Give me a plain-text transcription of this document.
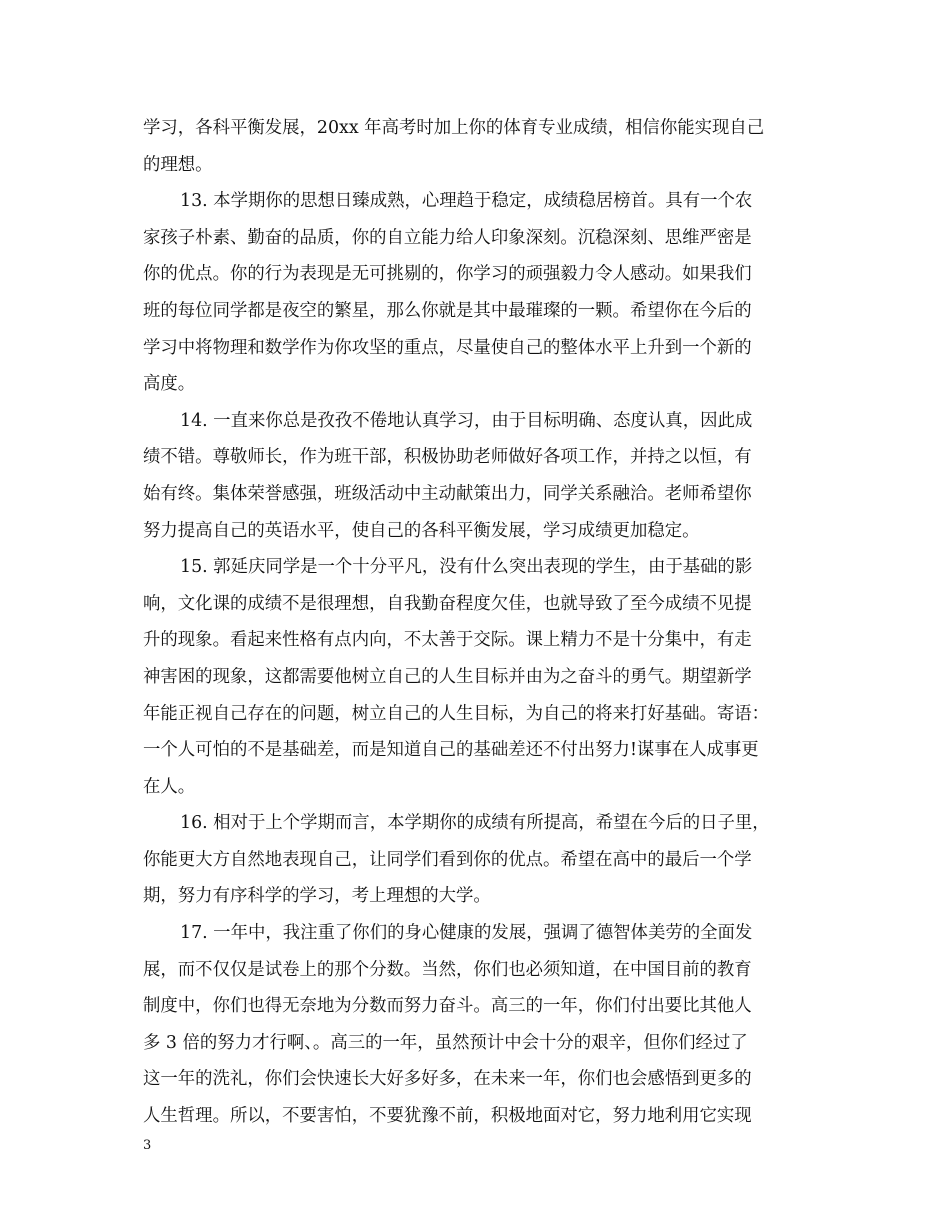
学习，各科平衡发展，20xx 年高考时加上你的体育专业成绩，相信你能实现自己
的理想。
13. 本学期你的思想日臻成熟，心理趋于稳定，成绩稳居榜首。具有一个农
家孩子朴素、勤奋的品质，你的自立能力给人印象深刻。沉稳深刻、思维严密是
你的优点。你的行为表现是无可挑剔的，你学习的顽强毅力令人感动。如果我们
班的每位同学都是夜空的繁星，那么你就是其中最璀璨的一颗。希望你在今后的
学习中将物理和数学作为你攻坚的重点，尽量使自己的整体水平上升到一个新的
高度。
14. 一直来你总是孜孜不倦地认真学习，由于目标明确、态度认真，因此成
绩不错。尊敬师长，作为班干部，积极协助老师做好各项工作，并持之以恒，有
始有终。集体荣誉感强，班级活动中主动献策出力，同学关系融洽。老师希望你
努力提高自己的英语水平，使自己的各科平衡发展，学习成绩更加稳定。
15. 郭延庆同学是一个十分平凡，没有什么突出表现的学生，由于基础的影
响，文化课的成绩不是很理想，自我勤奋程度欠佳，也就导致了至今成绩不见提
升的现象。看起来性格有点内向，不太善于交际。课上精力不是十分集中，有走
神害困的现象，这都需要他树立自己的人生目标并由为之奋斗的勇气。期望新学
年能正视自己存在的问题，树立自己的人生目标，为自己的将来打好基础。寄语：
一个人可怕的不是基础差，而是知道自己的基础差还不付出努力!谋事在人成事更
在人。
16. 相对于上个学期而言，本学期你的成绩有所提高，希望在今后的日子里，
你能更大方自然地表现自己，让同学们看到你的优点。希望在高中的最后一个学
期，努力有序科学的学习，考上理想的大学。
17. 一年中，我注重了你们的身心健康的发展，强调了德智体美劳的全面发
展，而不仅仅是试卷上的那个分数。当然，你们也必须知道，在中国目前的教育
制度中，你们也得无奈地为分数而努力奋斗。高三的一年，你们付出要比其他人
多 3 倍的努力才行啊、。高三的一年，虽然预计中会十分的艰辛，但你们经过了
这一年的洗礼，你们会快速长大好多好多，在未来一年，你们也会感悟到更多的
人生哲理。所以，不要害怕，不要犹豫不前，积极地面对它，努力地利用它实现
3
